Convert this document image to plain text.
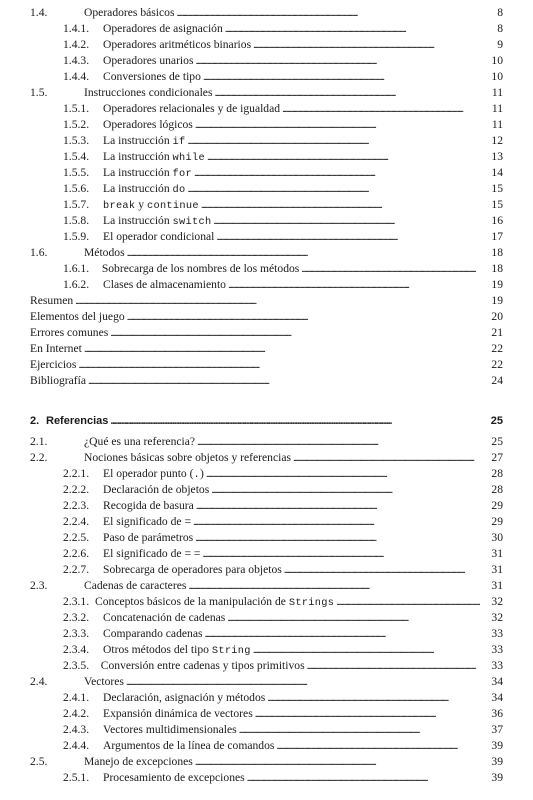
1.4.	Operadores básicos . . .	8
1.4.1.	Operadores de asignación . . .	8
1.4.2.	Operadores aritméticos binarios . . .	9
1.4.3.	Operadores unarios . . .	10
1.4.4.	Conversiones de tipo . . .	10
1.5.	Instrucciones condicionales . . .	11
1.5.1.	Operadores relacionales y de igualdad . . .	11
1.5.2.	Operadores lógicos . . .	11
1.5.3.	La instrucción if . . .	12
1.5.4.	La instrucción while . . .	13
1.5.5.	La instrucción for . . .	14
1.5.6.	La instrucción do . . .	15
1.5.7.	break y continue . . .	15
1.5.8.	La instrucción switch . . .	16
1.5.9.	El operador condicional . . .	17
1.6.	Métodos . . .	18
1.6.1.	Sobrecarga de los nombres de los métodos . . .	18
1.6.2.	Clases de almacenamiento . . .	19
Resumen . . .	19
Elementos del juego . . .	20
Errores comunes . . .	21
En Internet . . .	22
Ejercicios . . .	22
Bibliografía . . .	24
2. Referencias . . .	25
2.1.	¿Qué es una referencia? . . .	25
2.2.	Nociones básicas sobre objetos y referencias . . .	27
2.2.1.	El operador punto (.) . . .	28
2.2.2.	Declaración de objetos . . .	28
2.2.3.	Recogida de basura . . .	29
2.2.4.	El significado de = . . .	29
2.2.5.	Paso de parámetros . . .	30
2.2.6.	El significado de = = . . .	31
2.2.7.	Sobrecarga de operadores para objetos . . .	31
2.3.	Cadenas de caracteres . . .	31
2.3.1. Conceptos básicos de la manipulación de Strings . . .	32
2.3.2.	Concatenación de cadenas . . .	32
2.3.3.	Comparando cadenas . . .	33
2.3.4.	Otros métodos del tipo String . . .	33
2.3.5.	Conversión entre cadenas y tipos primitivos . . .	33
2.4.	Vectores . . .	34
2.4.1.	Declaración, asignación y métodos . . .	34
2.4.2.	Expansión dinámica de vectores . . .	36
2.4.3.	Vectores multidimensionales . . .	37
2.4.4.	Argumentos de la línea de comandos . . .	39
2.5.	Manejo de excepciones . . .	39
2.5.1.	Procesamiento de excepciones . . .	39
